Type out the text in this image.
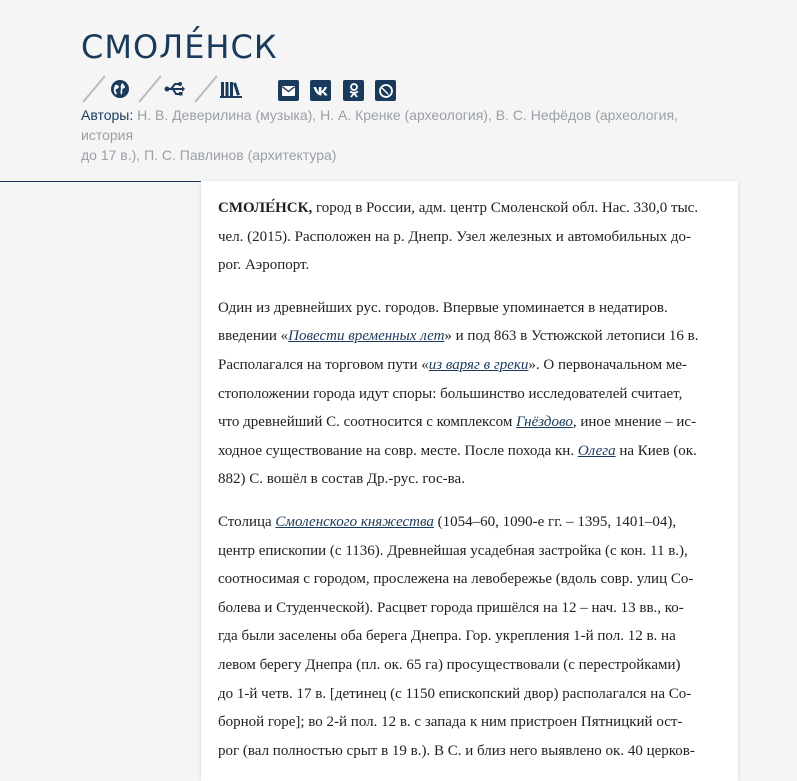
СМОЛЕ́НСК
Авторы: Н. В. Деверилина (музыка), Н. А. Кренке (археология), В. С. Нефёдов (археология, история
до 17 в.), П. С. Павлинов (архитектура)

СМОЛЕ́НСК, город в России, адм. центр Смоленской обл. Нас. 330,0 тыс.
чел. (2015). Расположен на р. Днепр. Узел железных и автомобильных до-
рог. Аэропорт.

Один из древнейших рус. городов. Впервые упоминается в недатиров.
введении «Повести временных лет» и под 863 в Устюжской летописи 16 в.
Располагался на торговом пути «из варяг в греки». О первоначальном ме-
стоположении города идут споры: большинство исследователей считает,
что древнейший С. соотносится с комплексом Гнёздово, иное мнение – ис-
ходное существование на совр. месте. После похода кн. Олега на Киев (ок.
882) С. вошёл в состав Др.-рус. гос-ва.

Столица Смоленского княжества (1054–60, 1090-е гг. – 1395, 1401–04),
центр епископии (с 1136). Древнейшая усадебная застройка (с кон. 11 в.),
соотносимая с городом, прослежена на левобережье (вдоль совр. улиц Со-
болева и Студенческой). Расцвет города пришёлся на 12 – нач. 13 вв., ко-
гда были заселены оба берега Днепра. Гор. укрепления 1-й пол. 12 в. на
левом берегу Днепра (пл. ок. 65 га) просуществовали (с перестройками)
до 1-й четв. 17 в. [детинец (с 1150 епископский двор) располагался на Со-
борной горе]; во 2-й пол. 12 в. с запада к ним пристроен Пятницкий ост-
рог (вал полностью срыт в 19 в.). В С. и близ него выявлено ок. 40 церков-
